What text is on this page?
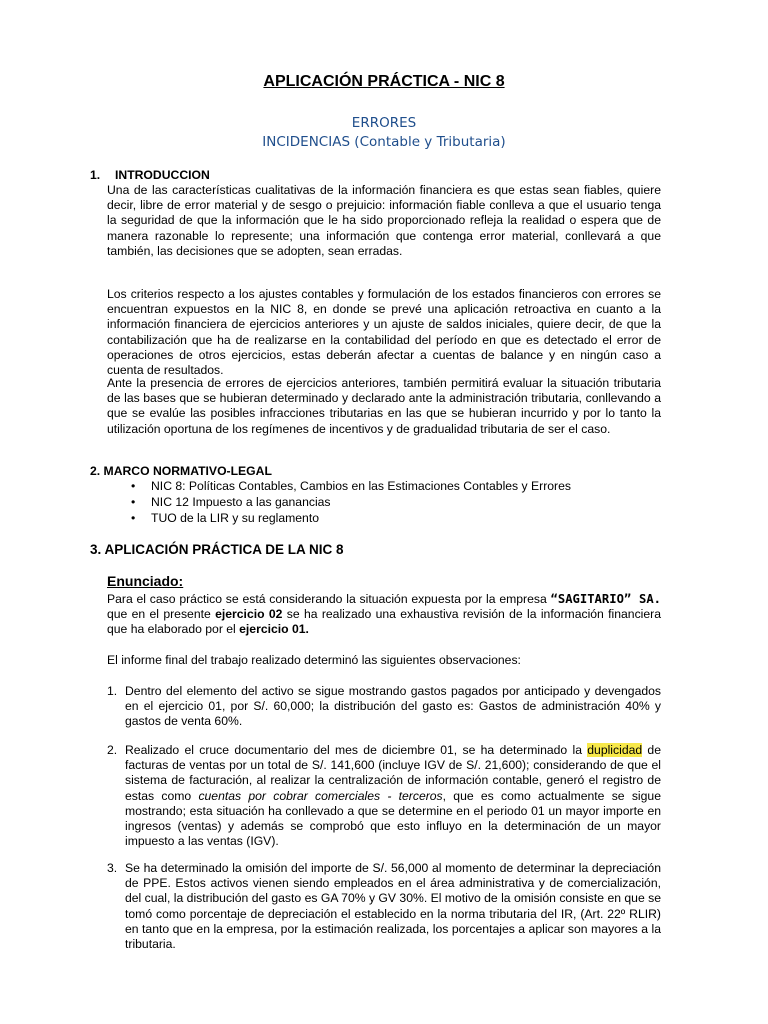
APLICACIÓN PRÁCTICA - NIC 8
ERRORES
INCIDENCIAS (Contable y Tributaria)
1. INTRODUCCION

Una de las características cualitativas de la información financiera es que estas sean fiables, quiere decir, libre de error material y de sesgo o prejuicio: información fiable conlleva a que el usuario tenga la seguridad de que la información que le ha sido proporcionado refleja la realidad o espera que de manera razonable lo represente; una información que contenga error material, conllevará a que también, las decisiones que se adopten, sean erradas.

Los criterios respecto a los ajustes contables y formulación de los estados financieros con errores se encuentran expuestos en la NIC 8, en donde se prevé una aplicación retroactiva en cuanto a la información financiera de ejercicios anteriores y un ajuste de saldos iniciales, quiere decir, de que la contabilización que ha de realizarse en la contabilidad del período en que es detectado el error de operaciones de otros ejercicios, estas deberán afectar a cuentas de balance y en ningún caso a cuenta de resultados.

Ante la presencia de errores de ejercicios anteriores, también permitirá evaluar la situación tributaria de las bases que se hubieran determinado y declarado ante la administración tributaria, conllevando a que se evalúe las posibles infracciones tributarias en las que se hubieran incurrido y por lo tanto la utilización oportuna de los regímenes de incentivos y de gradualidad tributaria de ser el caso.

2. MARCO NORMATIVO-LEGAL
• NIC 8: Políticas Contables, Cambios en las Estimaciones Contables y Errores
• NIC 12 Impuesto a las ganancias
• TUO de la LIR y su reglamento
3. APLICACIÓN PRÁCTICA DE LA NIC 8
Enunciado:

Para el caso práctico se está considerando la situación expuesta por la empresa “SAGITARIO” SA. que en el presente ejercicio 02 se ha realizado una exhaustiva revisión de la información financiera que ha elaborado por el ejercicio 01.

El informe final del trabajo realizado determinó las siguientes observaciones:

1. Dentro del elemento del activo se sigue mostrando gastos pagados por anticipado y devengados en el ejercicio 01, por S/. 60,000; la distribución del gasto es: Gastos de administración 40% y gastos de venta 60%.
2. Realizado el cruce documentario del mes de diciembre 01, se ha determinado la duplicidad de facturas de ventas por un total de S/. 141,600 (incluye IGV de S/. 21,600); considerando de que el sistema de facturación, al realizar la centralización de información contable, generó el registro de estas como cuentas por cobrar comerciales - terceros, que es como actualmente se sigue mostrando; esta situación ha conllevado a que se determine en el periodo 01 un mayor importe en ingresos (ventas) y además se comprobó que esto influyo en la determinación de un mayor impuesto a las ventas (IGV).
3. Se ha determinado la omisión del importe de S/. 56,000 al momento de determinar la depreciación de PPE. Estos activos vienen siendo empleados en el área administrativa y de comercialización, del cual, la distribución del gasto es GA 70% y GV 30%. El motivo de la omisión consiste en que se tomó como porcentaje de depreciación el establecido en la norma tributaria del IR, (Art. 22º RLIR) en tanto que en la empresa, por la estimación realizada, los porcentajes a aplicar son mayores a la tributaria.
